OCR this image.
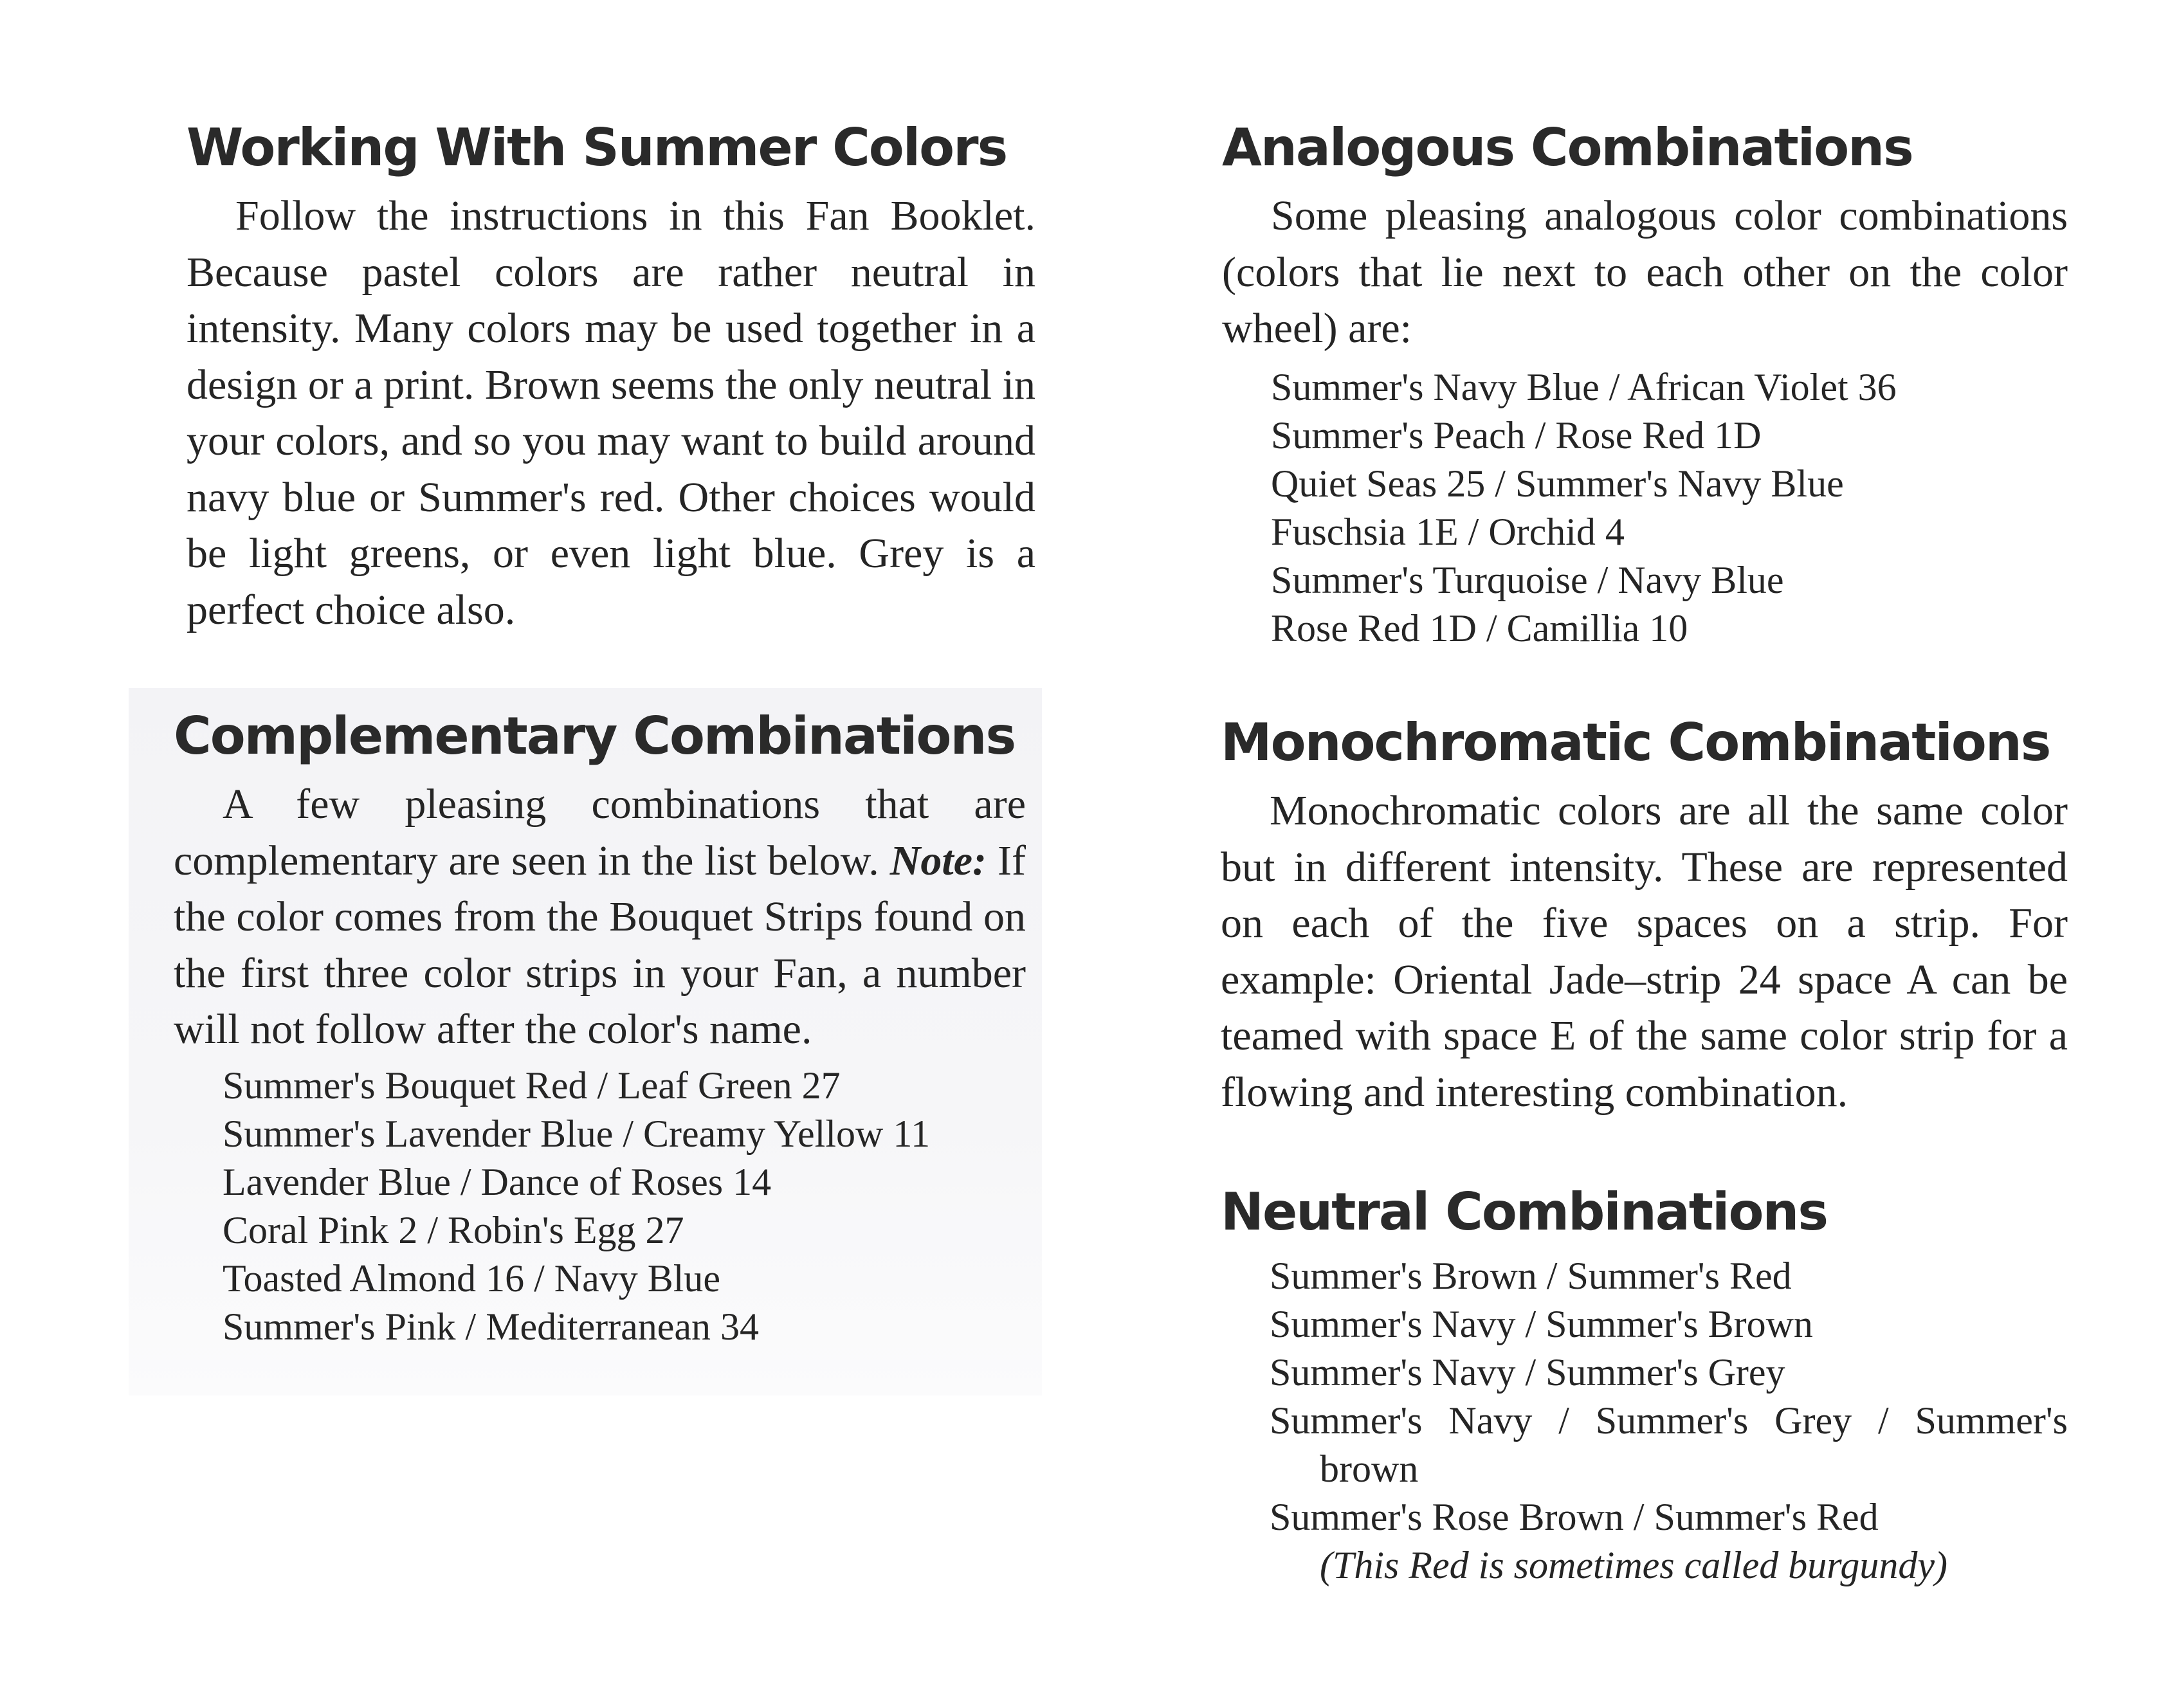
Working With Summer Colors

Follow the instructions in this Fan Booklet. Because pastel colors are rather neutral in intensity. Many colors may be used together in a design or a print. Brown seems the only neutral in your colors, and so you may want to build around navy blue or Summer's red. Other choices would be light greens, or even light blue. Grey is a perfect choice also.

Complementary Combinations

A few pleasing combinations that are complementary are seen in the list below. Note: If the color comes from the Bouquet Strips found on the first three color strips in your Fan, a number will not follow after the color's name.

Summer's Bouquet Red / Leaf Green 27
Summer's Lavender Blue / Creamy Yellow 11
Lavender Blue / Dance of Roses 14
Coral Pink 2 / Robin's Egg 27
Toasted Almond 16 / Navy Blue
Summer's Pink / Mediterranean 34
Analogous Combinations

Some pleasing analogous color combinations (colors that lie next to each other on the color wheel) are:

Summer's Navy Blue / African Violet 36
Summer's Peach / Rose Red 1D
Quiet Seas 25 / Summer's Navy Blue
Fuschsia 1E / Orchid 4
Summer's Turquoise / Navy Blue
Rose Red 1D / Camillia 10
Monochromatic Combinations

Monochromatic colors are all the same color but in different intensity. These are represented on each of the five spaces on a strip. For example: Oriental Jade–strip 24 space A can be teamed with space E of the same color strip for a flowing and interesting combination.

Neutral Combinations
Summer's Brown / Summer's Red
Summer's Navy / Summer's Brown
Summer's Navy / Summer's Grey
Summer's Navy / Summer's Grey / Summer's brown
Summer's Rose Brown / Summer's Red
(This Red is sometimes called burgundy)
